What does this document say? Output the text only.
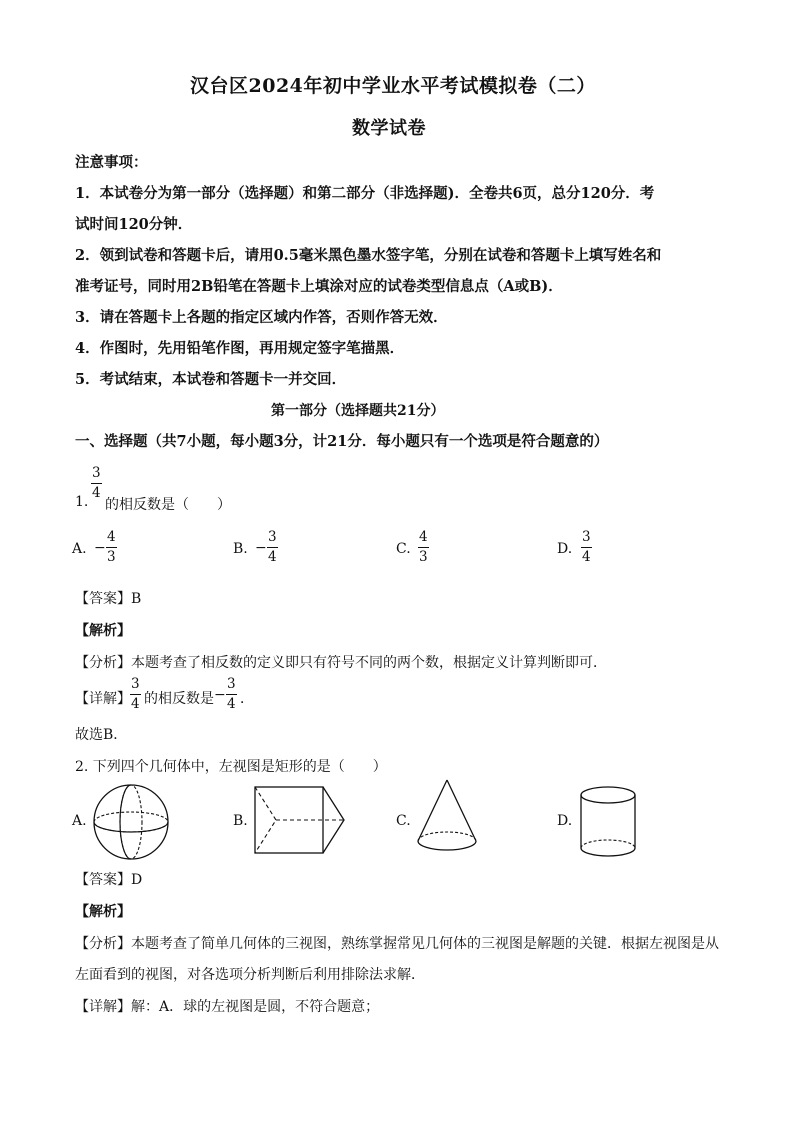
汉台区2024年初中学业水平考试模拟卷（二）
数学试卷
注意事项：
1．本试卷分为第一部分（选择题）和第二部分（非选择题)．全卷共6页，总分120分．考
试时间120分钟．
2．领到试卷和答题卡后，请用0.5毫米黑色墨水签字笔，分别在试卷和答题卡上填写姓名和
准考证号，同时用2B铅笔在答题卡上填涂对应的试卷类型信息点（A或B)．
3．请在答题卡上各题的指定区域内作答，否则作答无效．
4．作图时，先用铅笔作图，再用规定签字笔描黑．
5．考试结束，本试卷和答题卡一并交回．
第一部分（选择题共21分）
一、选择题（共7小题，每小题3分，计21分．每小题只有一个选项是符合题意的）
1.
3
4
的相反数是（　　）
A. −
4
3	B. −
3
4	C.
4
3	D.
3
4
【答案】B
【解析】
【分析】本题考查了相反数的定义即只有符号不同的两个数，根据定义计算判断即可．
【详解】
3
4 的相反数是 −
3
4 ．
故选B．
2. 下列四个几何体中，左视图是矩形的是（　　）
A.	B.	C.	D.
【答案】D
【解析】
【分析】本题考查了简单几何体的三视图，熟练掌握常见几何体的三视图是解题的关键．根据左视图是从
左面看到的视图，对各选项分析判断后利用排除法求解．
【详解】解：A．球的左视图是圆，不符合题意；
